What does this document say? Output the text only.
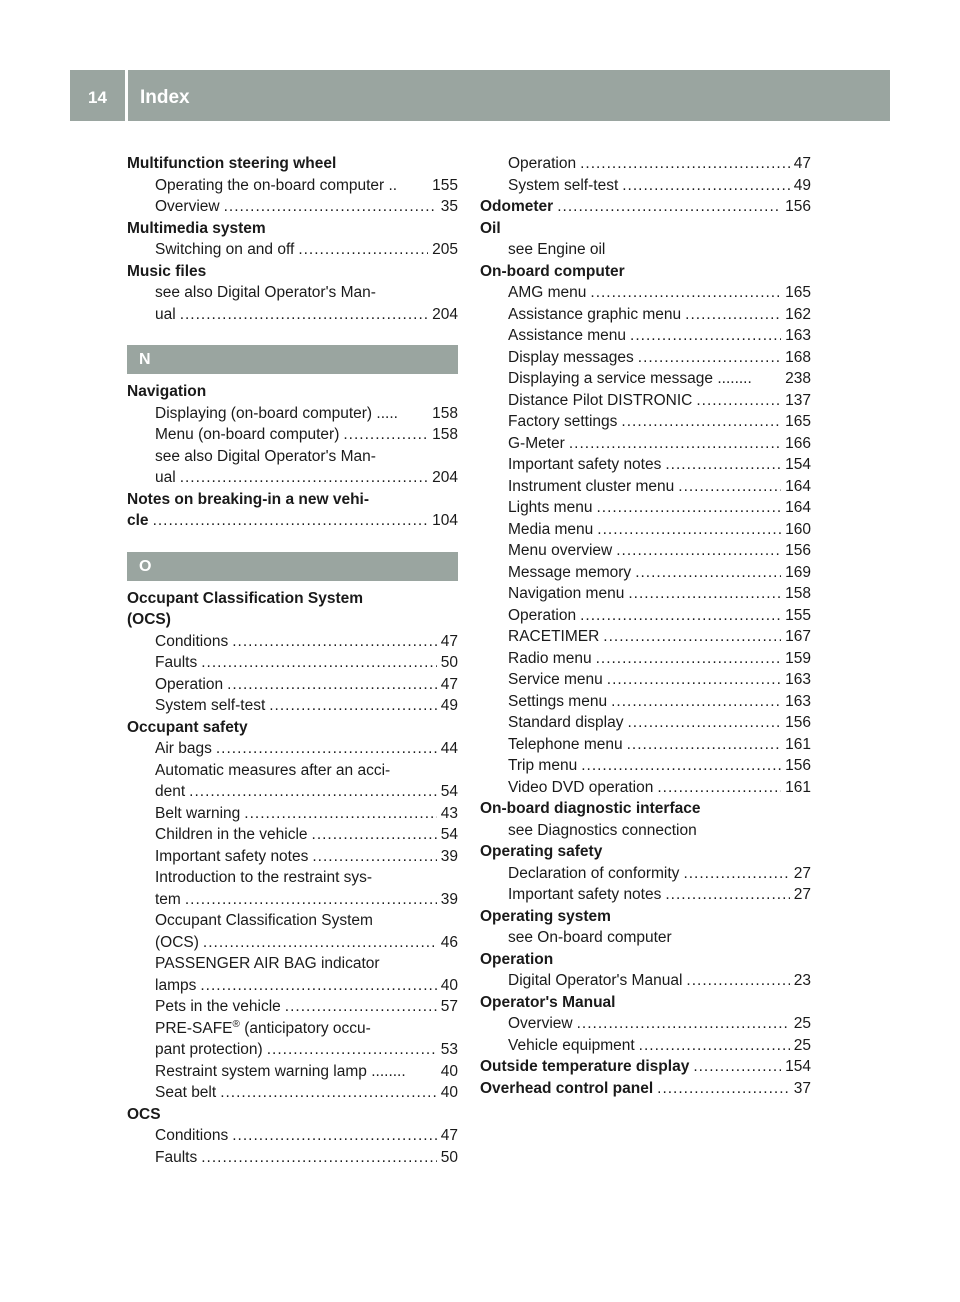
14	Index
Multifunction steering wheel
Operating the on-board computer .. 155
Overview .....	35
Multimedia system
Switching on and off .....	205
Music files
see also Digital Operator's Man-
ual .....	204
N
Navigation
Displaying (on-board computer) ..... 158
Menu (on-board computer) .....	158
see also Digital Operator's Man-
ual .....	204
Notes on breaking-in a new vehi-
cle .....	104
O
Occupant Classification System
(OCS)
Conditions .....	47
Faults .....	50
Operation .....	47
System self-test .....	49
Occupant safety
Air bags .....	44
Automatic measures after an acci-
dent .....	54
Belt warning .....	43
Children in the vehicle .....	54
Important safety notes .....	39
Introduction to the restraint sys-
tem .....	39
Occupant Classification System
(OCS) .....	46
PASSENGER AIR BAG indicator
lamps .....	40
Pets in the vehicle .....	57
PRE-SAFE® (anticipatory occu-
pant protection) .....	53
Restraint system warning lamp ........ 40
Seat belt .....	40
OCS
Conditions .....	47
Faults .....	50
Operation .....	47
System self-test .....	49
Odometer .....	156
Oil
see Engine oil
On-board computer
AMG menu .....	165
Assistance graphic menu .....	162
Assistance menu .....	163
Display messages .....	168
Displaying a service message ........ 238
Distance Pilot DISTRONIC .....	137
Factory settings .....	165
G-Meter .....	166
Important safety notes .....	154
Instrument cluster menu .....	164
Lights menu .....	164
Media menu .....	160
Menu overview .....	156
Message memory .....	169
Navigation menu .....	158
Operation .....	155
RACETIMER .....	167
Radio menu .....	159
Service menu .....	163
Settings menu .....	163
Standard display .....	156
Telephone menu .....	161
Trip menu .....	156
Video DVD operation .....	161
On-board diagnostic interface
see Diagnostics connection
Operating safety
Declaration of conformity .....	27
Important safety notes .....	27
Operating system
see On-board computer
Operation
Digital Operator's Manual .....	23
Operator's Manual
Overview .....	25
Vehicle equipment .....	25
Outside temperature display .....	154
Overhead control panel .....	37
